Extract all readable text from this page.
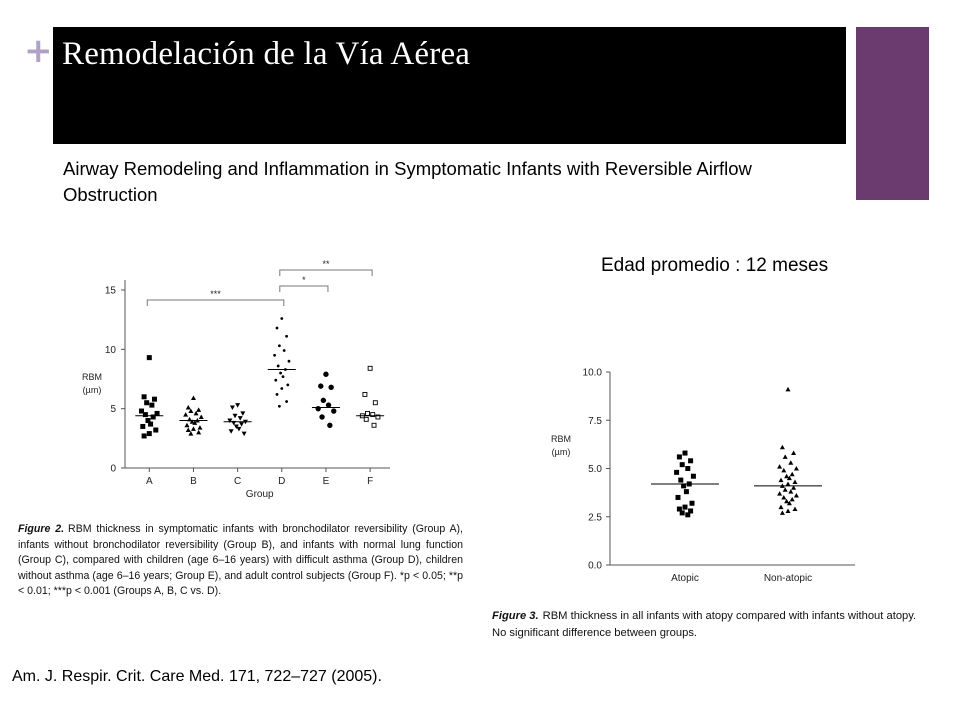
+ Remodelación de la Vía Aérea
Airway Remodeling and Inflammation in Symptomatic Infants with Reversible Airflow Obstruction
Edad promedio : 12 meses
0
5
10
15
RBM
(µm)
A	B	C	D	E	F
Group
***
*
**
0.0
2.5
5.0
7.5
10.0
RBM
(µm)
Atopic	Non-atopic
Figure 2. RBM thickness in symptomatic infants with bronchodilator reversibility (Group A), infants without bronchodilator reversibility (Group B), and infants with normal lung function (Group C), compared with children (age 6–16 years) with difficult asthma (Group D), children without asthma (age 6–16 years; Group E), and adult control subjects (Group F). *p < 0.05; **p < 0.01; ***p < 0.001 (Groups A, B, C vs. D).
Figure 3. RBM thickness in all infants with atopy compared with infants without atopy. No significant difference between groups.
Am. J. Respir. Crit. Care Med. 171, 722–727 (2005).
